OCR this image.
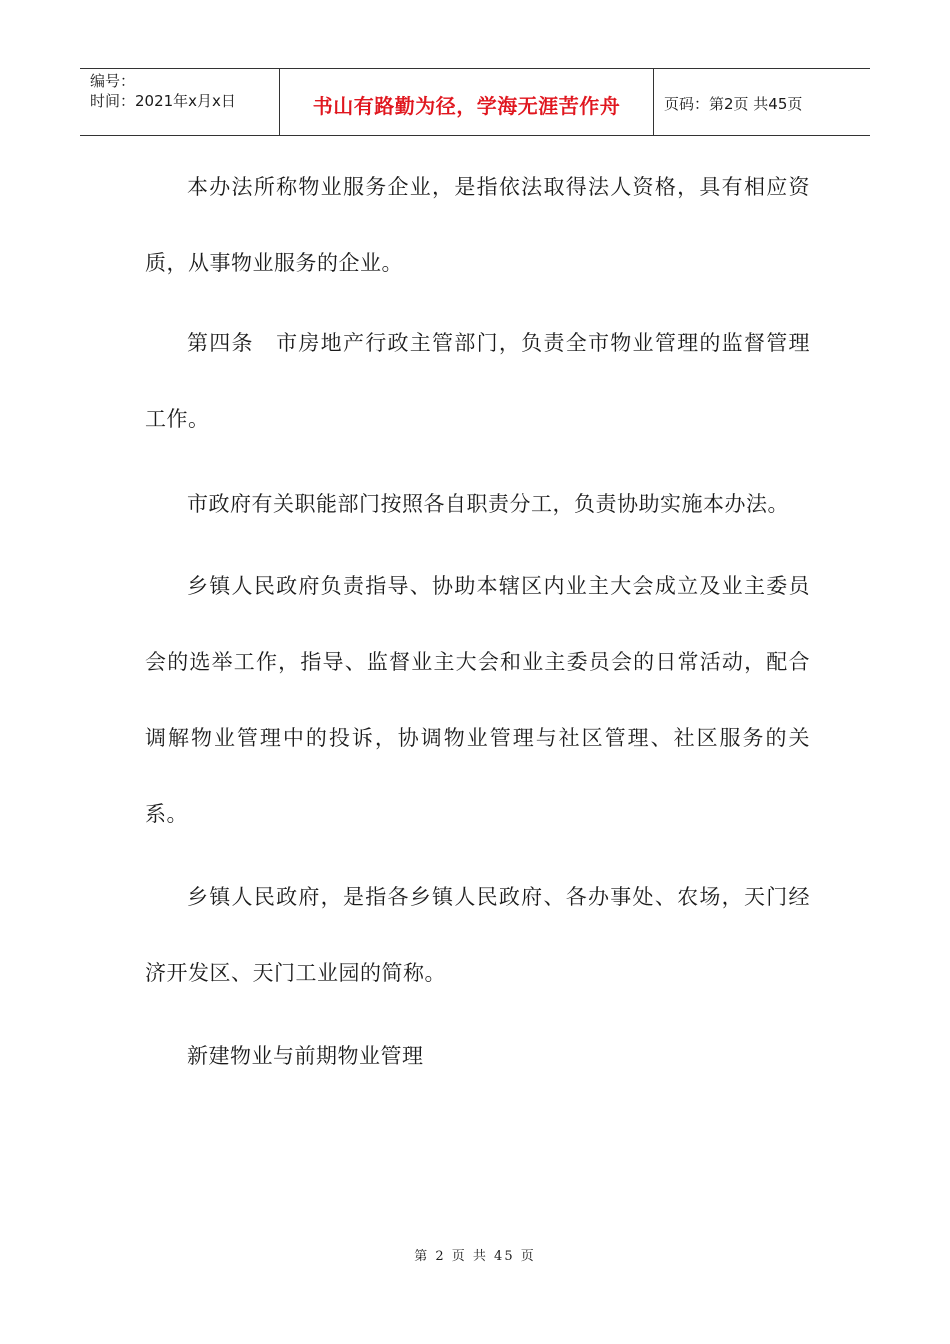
编号：
时间：2021年x月x日	书山有路勤为径，学海无涯苦作舟	页码：第2页 共45页

本办法所称物业服务企业，是指依法取得法人资格，具有相应资质，从事物业服务的企业。

第四条　市房地产行政主管部门，负责全市物业管理的监督管理工作。

市政府有关职能部门按照各自职责分工，负责协助实施本办法。

乡镇人民政府负责指导、协助本辖区内业主大会成立及业主委员会的选举工作，指导、监督业主大会和业主委员会的日常活动，配合调解物业管理中的投诉，协调物业管理与社区管理、社区服务的关系。

乡镇人民政府，是指各乡镇人民政府、各办事处、农场，天门经济开发区、天门工业园的简称。

新建物业与前期物业管理

第 2 页 共 45 页
